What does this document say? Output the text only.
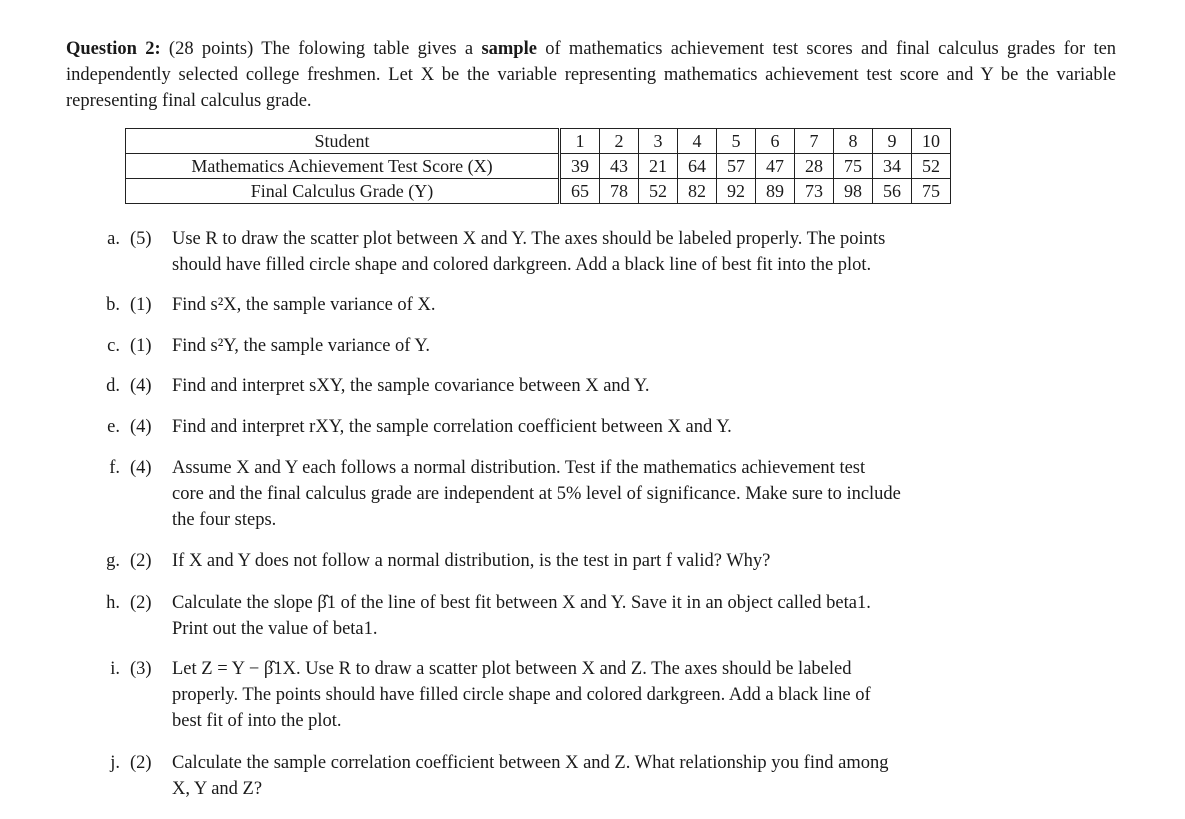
Question 2: (28 points) The folowing table gives a sample of mathematics achievement test scores and final calculus grades for ten independently selected college freshmen. Let X be the variable representing mathematics achievement test score and Y be the variable representing final calculus grade.
Student	1	2	3	4	5	6	7	8	9	10
Mathematics Achievement Test Score (X)	39	43	21	64	57	47	28	75	34	52
Final Calculus Grade (Y)	65	78	52	82	92	89	73	98	56	75
a. (5) Use R to draw the scatter plot between X and Y. The axes should be labeled properly. The points
should have filled circle shape and colored darkgreen. Add a black line of best fit into the plot.
b. (1) Find s²X, the sample variance of X.
c. (1) Find s²Y, the sample variance of Y.
d. (4) Find and interpret sXY, the sample covariance between X and Y.
e. (4) Find and interpret rXY, the sample correlation coefficient between X and Y.
f. (4) Assume X and Y each follows a normal distribution. Test if the mathematics achievement test
core and the final calculus grade are independent at 5% level of significance. Make sure to include
the four steps.
g. (2) If X and Y does not follow a normal distribution, is the test in part f valid? Why?
h. (2) Calculate the slope β̂1 of the line of best fit between X and Y. Save it in an object called beta1.
Print out the value of beta1.
i. (3) Let Z = Y − β̂1X. Use R to draw a scatter plot between X and Z. The axes should be labeled
properly. The points should have filled circle shape and colored darkgreen. Add a black line of
best fit of into the plot.
j. (2) Calculate the sample correlation coefficient between X and Z. What relationship you find among
X, Y and Z?
